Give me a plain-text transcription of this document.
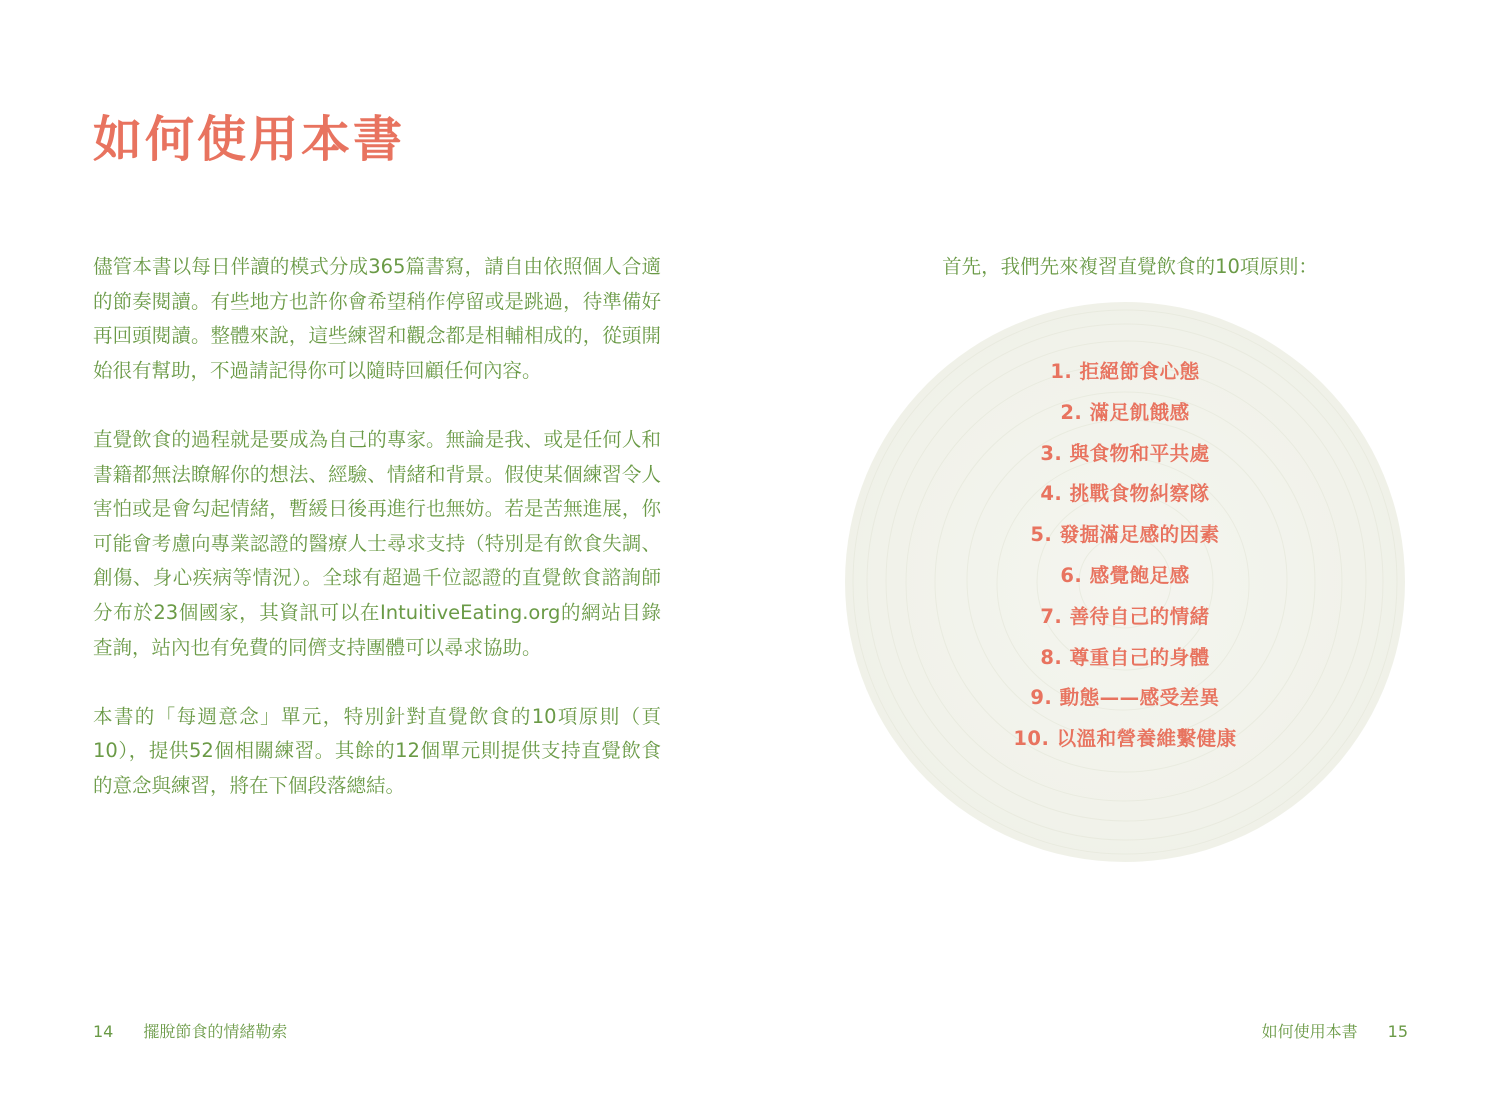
如何使用本書

儘管本書以每日伴讀的模式分成365篇書寫，請自由依照個人合適的節奏閱讀。有些地方也許你會希望稍作停留或是跳過，待準備好再回頭閱讀。整體來說，這些練習和觀念都是相輔相成的，從頭開始很有幫助，不過請記得你可以隨時回顧任何內容。

直覺飲食的過程就是要成為自己的專家。無論是我、或是任何人和書籍都無法瞭解你的想法、經驗、情緒和背景。假使某個練習令人害怕或是會勾起情緒，暫緩日後再進行也無妨。若是苦無進展，你可能會考慮向專業認證的醫療人士尋求支持（特別是有飲食失調、創傷、身心疾病等情況）。全球有超過千位認證的直覺飲食諮詢師分布於23個國家，其資訊可以在IntuitiveEating.org的網站目錄查詢，站內也有免費的同儕支持團體可以尋求協助。

本書的「每週意念」單元，特別針對直覺飲食的10項原則（頁10），提供52個相關練習。其餘的12個單元則提供支持直覺飲食的意念與練習，將在下個段落總結。

首先，我們先來複習直覺飲食的10項原則：

1. 拒絕節食心態
2. 滿足飢餓感
3. 與食物和平共處
4. 挑戰食物糾察隊
5. 發掘滿足感的因素
6. 感覺飽足感
7. 善待自己的情緒
8. 尊重自己的身體
9. 動態——感受差異
10. 以溫和營養維繫健康
14 擺脫節食的情緒勒索	如何使用本書 15
